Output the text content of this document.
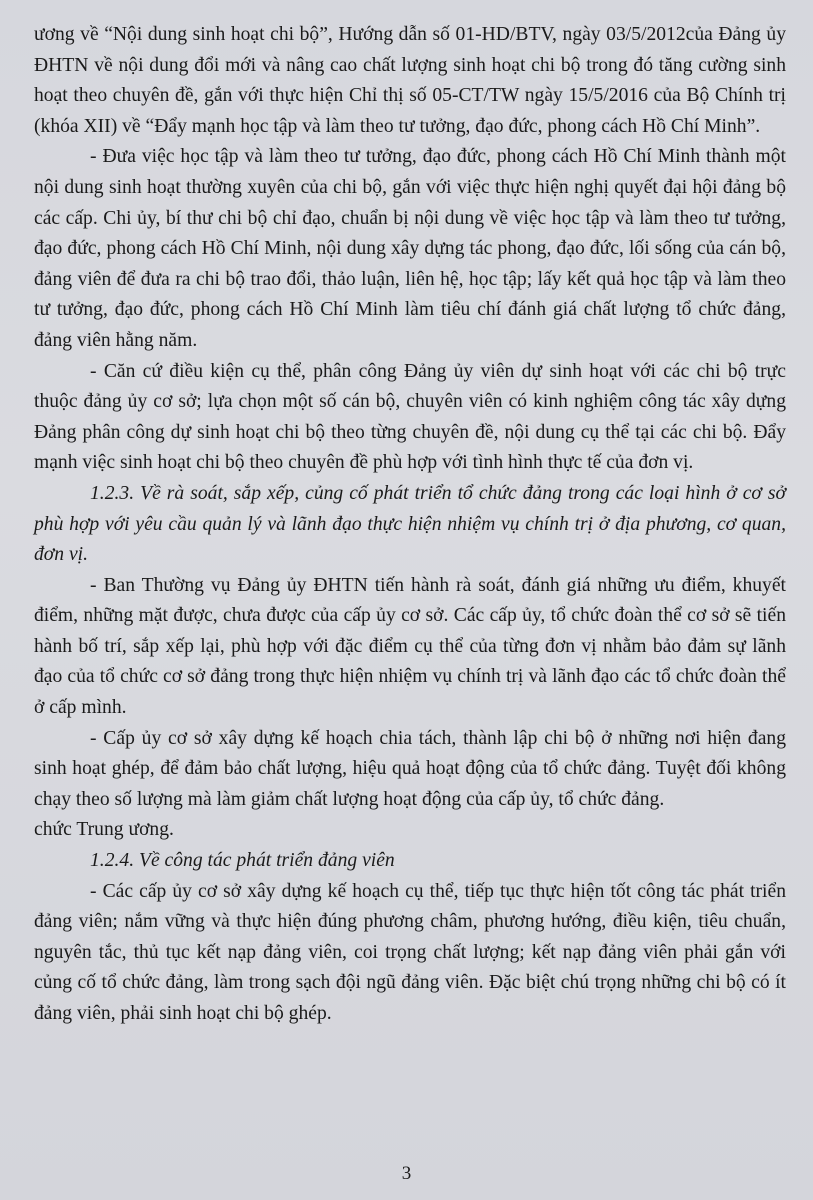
ương về “Nội dung sinh hoạt chi bộ”, Hướng dẫn số 01-HD/BTV, ngày 03/5/2012của Đảng ủy ĐHTN về nội dung đổi mới và nâng cao chất lượng sinh hoạt chi bộ trong đó tăng cường sinh hoạt theo chuyên đề, gắn với thực hiện Chỉ thị số 05-CT/TW ngày 15/5/2016 của Bộ Chính trị (khóa XII) về “Đẩy mạnh học tập và làm theo tư tưởng, đạo đức, phong cách Hồ Chí Minh”.

- Đưa việc học tập và làm theo tư tưởng, đạo đức, phong cách Hồ Chí Minh thành một nội dung sinh hoạt thường xuyên của chi bộ, gắn với việc thực hiện nghị quyết đại hội đảng bộ các cấp. Chi ủy, bí thư chi bộ chỉ đạo, chuẩn bị nội dung về việc học tập và làm theo tư tưởng, đạo đức, phong cách Hồ Chí Minh, nội dung xây dựng tác phong, đạo đức, lối sống của cán bộ, đảng viên để đưa ra chi bộ trao đổi, thảo luận, liên hệ, học tập; lấy kết quả học tập và làm theo tư tưởng, đạo đức, phong cách Hồ Chí Minh làm tiêu chí đánh giá chất lượng tổ chức đảng, đảng viên hằng năm.

- Căn cứ điều kiện cụ thể, phân công Đảng ủy viên dự sinh hoạt với các chi bộ trực thuộc đảng ủy cơ sở; lựa chọn một số cán bộ, chuyên viên có kinh nghiệm công tác xây dựng Đảng phân công dự sinh hoạt chi bộ theo từng chuyên đề, nội dung cụ thể tại các chi bộ. Đẩy mạnh việc sinh hoạt chi bộ theo chuyên đề phù hợp với tình hình thực tế của đơn vị.

1.2.3. Về rà soát, sắp xếp, củng cố phát triển tổ chức đảng trong các loại hình ở cơ sở phù hợp với yêu cầu quản lý và lãnh đạo thực hiện nhiệm vụ chính trị ở địa phương, cơ quan, đơn vị.

- Ban Thường vụ Đảng ủy ĐHTN tiến hành rà soát, đánh giá những ưu điểm, khuyết điểm, những mặt được, chưa được của cấp ủy cơ sở. Các cấp ủy, tổ chức đoàn thể cơ sở sẽ tiến hành bố trí, sắp xếp lại, phù hợp với đặc điểm cụ thể của từng đơn vị nhằm bảo đảm sự lãnh đạo của tổ chức cơ sở đảng trong thực hiện nhiệm vụ chính trị và lãnh đạo các tổ chức đoàn thể ở cấp mình.

- Cấp ủy cơ sở xây dựng kế hoạch chia tách, thành lập chi bộ ở những nơi hiện đang sinh hoạt ghép, để đảm bảo chất lượng, hiệu quả hoạt động của tổ chức đảng. Tuyệt đối không chạy theo số lượng mà làm giảm chất lượng hoạt động của cấp ủy, tổ chức đảng.

chức Trung ương.

1.2.4. Về công tác phát triển đảng viên

- Các cấp ủy cơ sở xây dựng kế hoạch cụ thể, tiếp tục thực hiện tốt công tác phát triển đảng viên; nắm vững và thực hiện đúng phương châm, phương hướng, điều kiện, tiêu chuẩn, nguyên tắc, thủ tục kết nạp đảng viên, coi trọng chất lượng; kết nạp đảng viên phải gắn với củng cố tổ chức đảng, làm trong sạch đội ngũ đảng viên. Đặc biệt chú trọng những chi bộ có ít đảng viên, phải sinh hoạt chi bộ ghép.

3
